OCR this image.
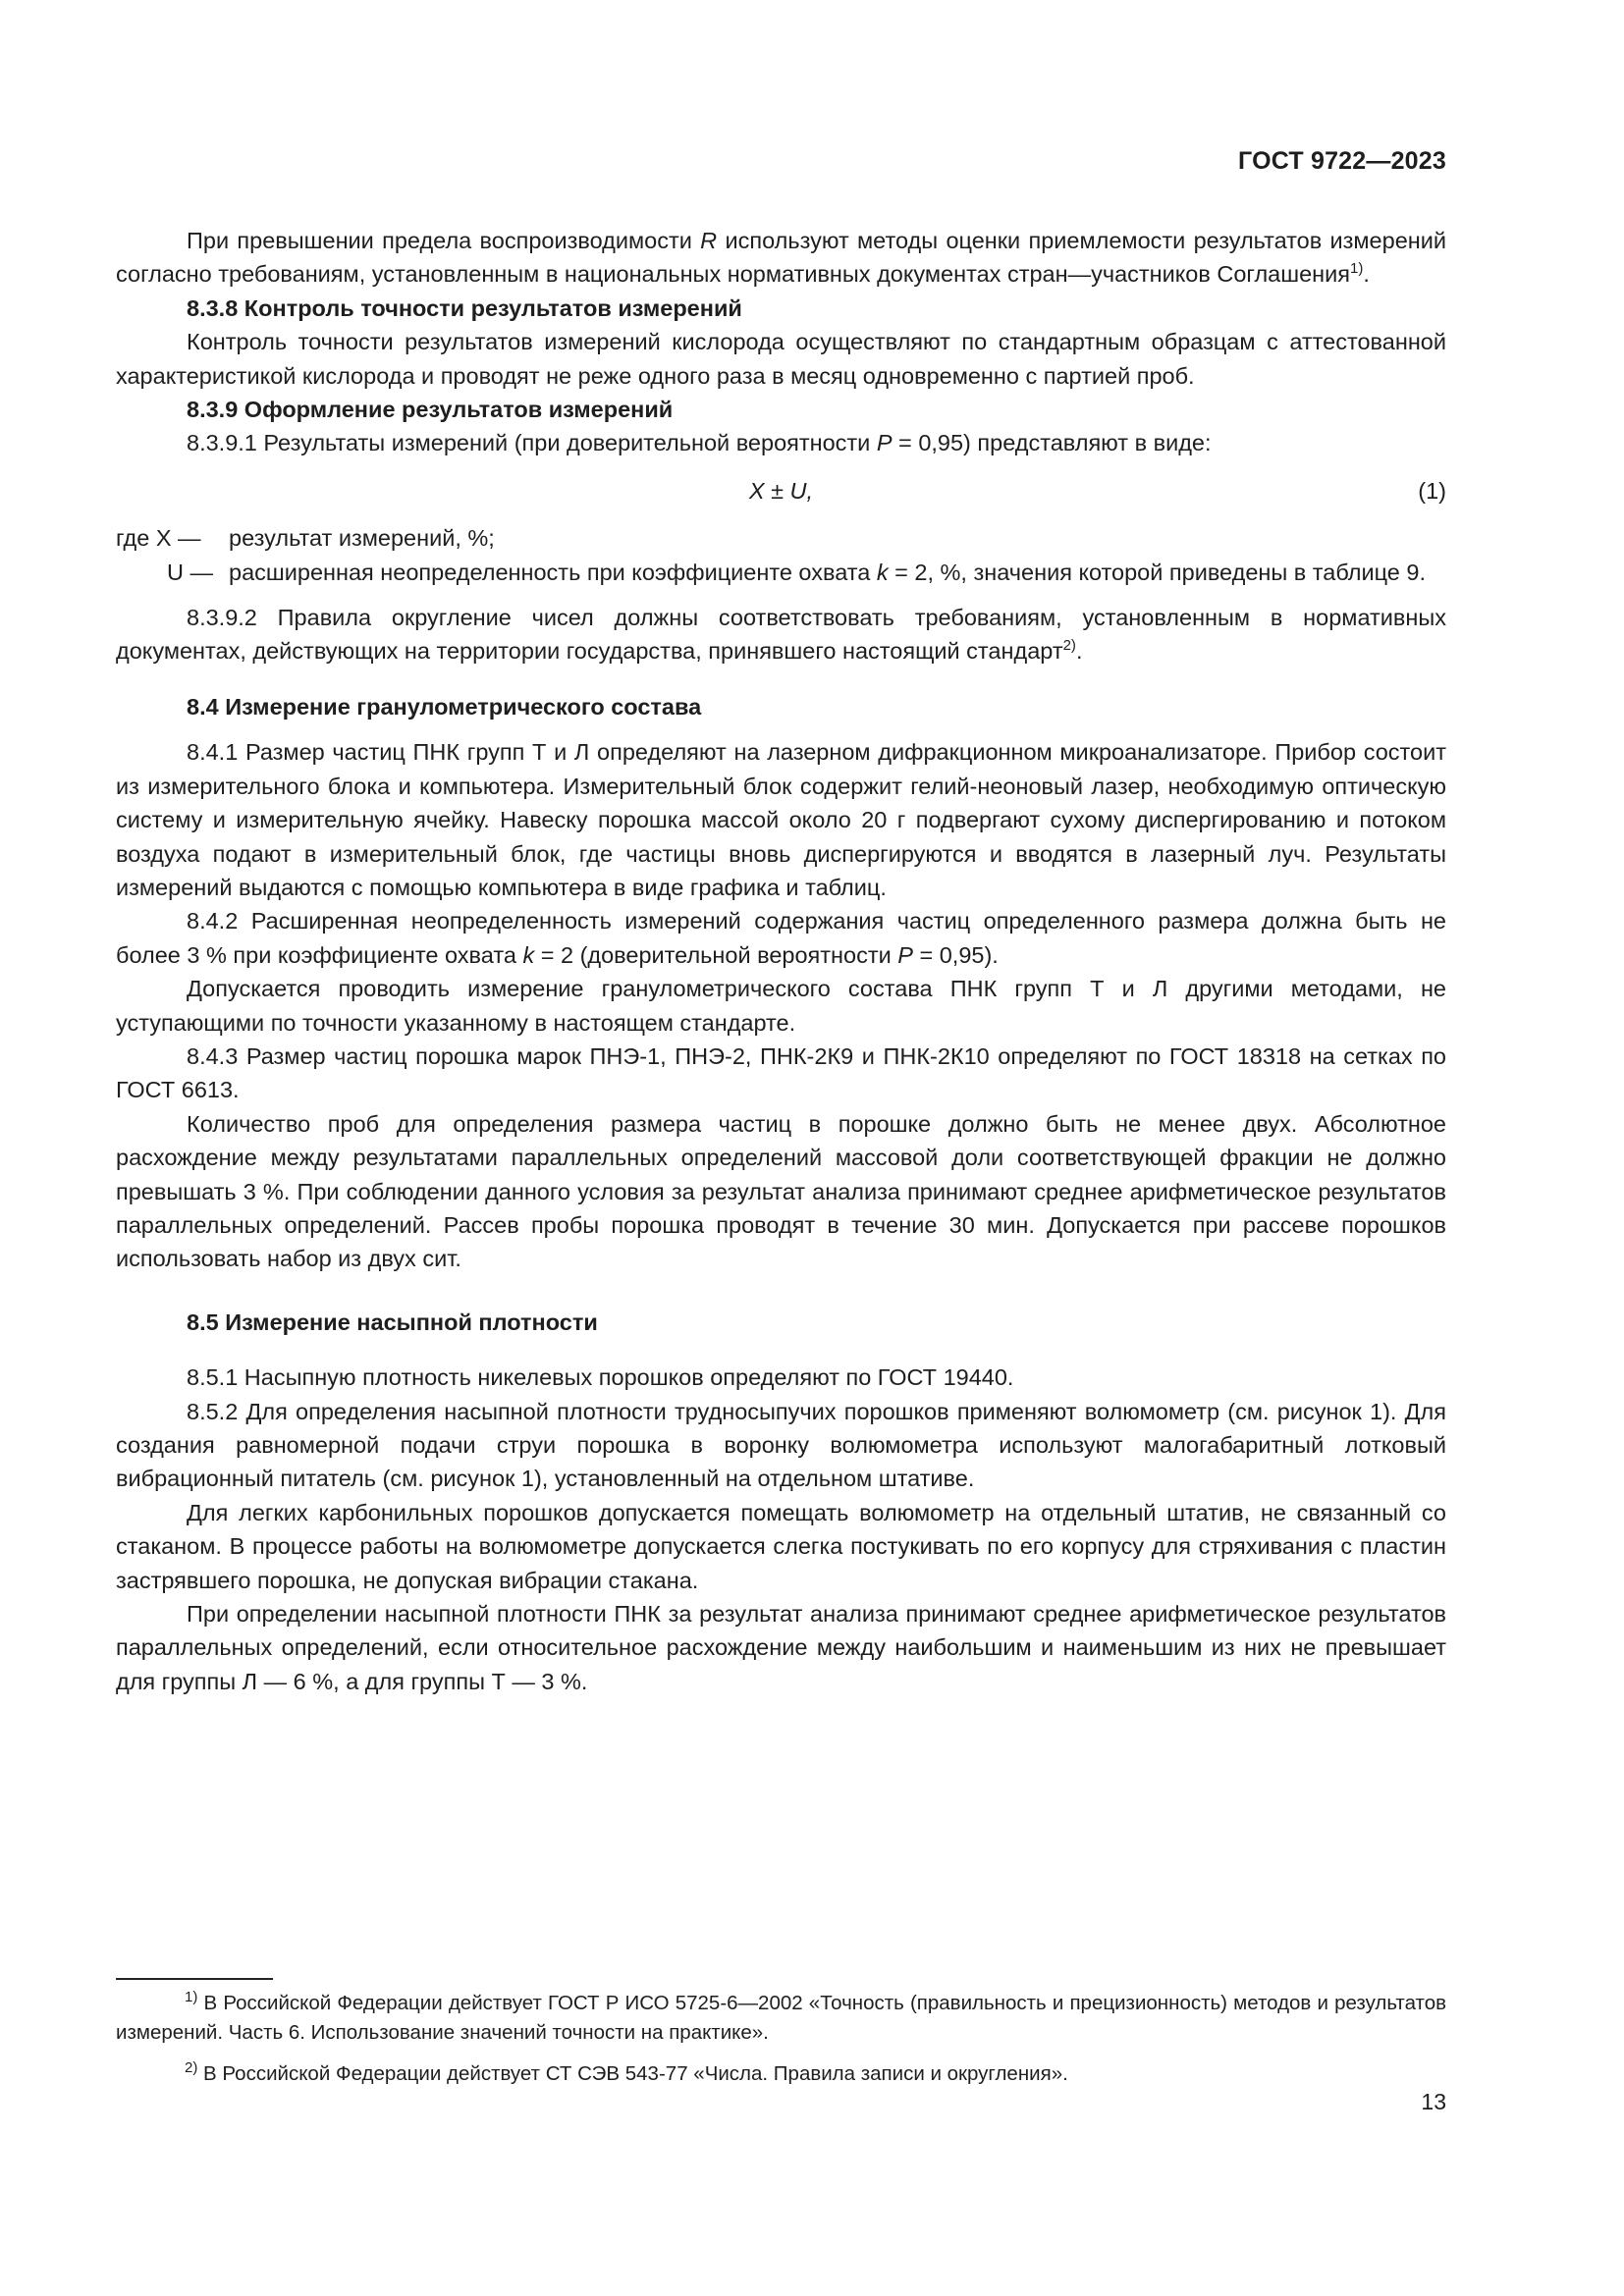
ГОСТ 9722—2023

При превышении предела воспроизводимости R используют методы оценки приемлемости результатов измерений согласно требованиям, установленным в национальных нормативных документах стран—участников Соглашения$^{1)}$.

8.3.8 Контроль точности результатов измерений

Контроль точности результатов измерений кислорода осуществляют по стандартным образцам с аттестованной характеристикой кислорода и проводят не реже одного раза в месяц одновременно с партией проб.

8.3.9 Оформление результатов измерений

8.3.9.1 Результаты измерений (при доверительной вероятности P = 0,95) представляют в виде:

X ± U,	(1)
где X —	результат измерений, %;
U — расширенная неопределенность при коэффициенте охвата k = 2, %, значения которой приведены в таблице 9.

8.3.9.2 Правила округление чисел должны соответствовать требованиям, установленным в нормативных документах, действующих на территории государства, принявшего настоящий стандарт$^{2)}$.

8.4 Измерение гранулометрического состава

8.4.1 Размер частиц ПНК групп Т и Л определяют на лазерном дифракционном микроанализаторе. Прибор состоит из измерительного блока и компьютера. Измерительный блок содержит гелий-неоновый лазер, необходимую оптическую систему и измерительную ячейку. Навеску порошка массой около 20 г подвергают сухому диспергированию и потоком воздуха подают в измерительный блок, где частицы вновь диспергируются и вводятся в лазерный луч. Результаты измерений выдаются с помощью компьютера в виде графика и таблиц.

8.4.2 Расширенная неопределенность измерений содержания частиц определенного размера должна быть не более 3 % при коэффициенте охвата k = 2 (доверительной вероятности P = 0,95).

Допускается проводить измерение гранулометрического состава ПНК групп Т и Л другими методами, не уступающими по точности указанному в настоящем стандарте.

8.4.3 Размер частиц порошка марок ПНЭ-1, ПНЭ-2, ПНК-2К9 и ПНК-2К10 определяют по ГОСТ 18318 на сетках по ГОСТ 6613.

Количество проб для определения размера частиц в порошке должно быть не менее двух. Абсолютное расхождение между результатами параллельных определений массовой доли соответствующей фракции не должно превышать 3 %. При соблюдении данного условия за результат анализа принимают среднее арифметическое результатов параллельных определений. Рассев пробы порошка проводят в течение 30 мин. Допускается при рассеве порошков использовать набор из двух сит.

8.5 Измерение насыпной плотности

8.5.1 Насыпную плотность никелевых порошков определяют по ГОСТ 19440.

8.5.2 Для определения насыпной плотности трудносыпучих порошков применяют волюмометр (см. рисунок 1). Для создания равномерной подачи струи порошка в воронку волюмометра используют малогабаритный лотковый вибрационный питатель (см. рисунок 1), установленный на отдельном штативе.

Для легких карбонильных порошков допускается помещать волюмометр на отдельный штатив, не связанный со стаканом. В процессе работы на волюмометре допускается слегка постукивать по его корпусу для стряхивания с пластин застрявшего порошка, не допуская вибрации стакана.

При определении насыпной плотности ПНК за результат анализа принимают среднее арифметическое результатов параллельных определений, если относительное расхождение между наибольшим и наименьшим из них не превышает для группы Л — 6 %, а для группы Т — 3 %.

$^{1)}$ В Российской Федерации действует ГОСТ Р ИСО 5725-6—2002 «Точность (правильность и прецизионность) методов и результатов измерений. Часть 6. Использование значений точности на практике».

$^{2)}$ В Российской Федерации действует СТ СЭВ 543-77 «Числа. Правила записи и округления».

13
